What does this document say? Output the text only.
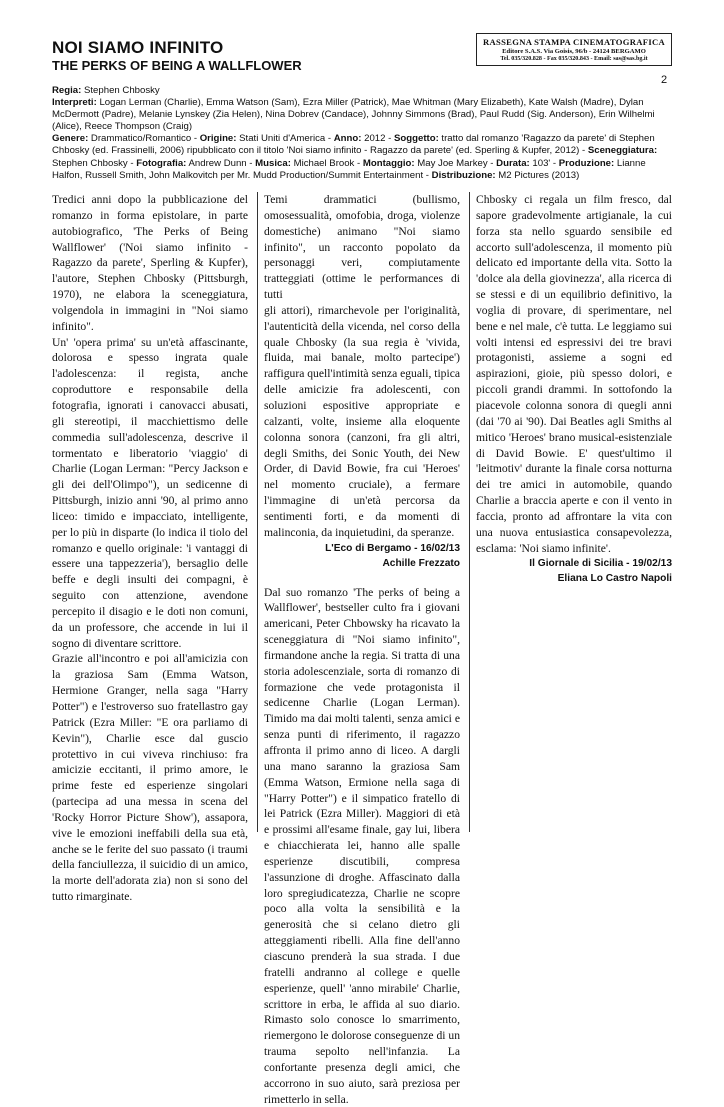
NOI SIAMO INFINITO
THE PERKS OF BEING A WALLFLOWER
RASSEGNA STAMPA CINEMATOGRAFICA
Editore S.A.S. Via Goisis, 96/b - 24124 BERGAMO
Tel. 035/320.828 - Fax 035/320.843 - Email: sas@sas.bg.it
2
Regia: Stephen Chbosky
Interpreti: Logan Lerman (Charlie), Emma Watson (Sam), Ezra Miller (Patrick), Mae Whitman (Mary Elizabeth), Kate Walsh (Madre), Dylan McDermott (Padre), Melanie Lynskey (Zia Helen), Nina Dobrev (Candace), Johnny Simmons (Brad), Paul Rudd (Sig. Anderson), Erin Wilhelmi (Alice), Reece Thompson (Craig)
Genere: Drammatico/Romantico - Origine: Stati Uniti d'America - Anno: 2012 - Soggetto: tratto dal romanzo 'Ragazzo da parete' di Stephen Chbosky (ed. Frassinelli, 2006) ripubblicato con il titolo 'Noi siamo infinito - Ragazzo da parete' (ed. Sperling & Kupfer, 2012) - Sceneggiatura: Stephen Chbosky - Fotografia: Andrew Dunn - Musica: Michael Brook - Montaggio: May Joe Markey - Durata: 103' - Produzione: Lianne Halfon, Russell Smith, John Malkovitch per Mr. Mudd Production/Summit Entertainment - Distribuzione: M2 Pictures (2013)

Tredici anni dopo la pubblicazione del romanzo in forma epistolare, in parte autobiografico, 'The Perks of Being Wallflower' ('Noi siamo infinito - Ragazzo da parete', Sperling & Kupfer), l'autore, Stephen Chbosky (Pittsburgh, 1970), ne elabora la sceneggiatura, volgendola in immagini in "Noi siamo infinito".

Un' 'opera prima' su un'età affascinante, dolorosa e spesso ingrata quale l'adolescenza: il regista, anche coproduttore e responsabile della fotografia, ignorati i canovacci abusati, gli stereotipi, il macchiettismo delle commedia sull'adolescenza, descrive il tormentato e liberatorio 'viaggio' di Charlie (Logan Lerman: "Percy Jackson e gli dei dell'Olimpo"), un sedicenne di Pittsburgh, inizio anni '90, al primo anno liceo: timido e impacciato, intelligente, per lo più in disparte (lo indica il tiolo del romanzo e quello originale: 'i vantaggi di essere una tappezzeria'), bersaglio delle beffe e degli insulti dei compagni, è seguito con attenzione, avendone percepito il disagio e le doti non comuni, da un professore, che accende in lui il sogno di diventare scrittore.

Grazie all'incontro e poi all'amicizia con la graziosa Sam (Emma Watson, Hermione Granger, nella saga "Harry Potter") e l'estroverso suo fratellastro gay Patrick (Ezra Miller: "E ora parliamo di Kevin"), Charlie esce dal guscio protettivo in cui viveva rinchiuso: fra amicizie eccitanti, il primo amore, le prime feste ed esperienze singolari (partecipa ad una messa in scena del 'Rocky Horror Picture Show'), assapora, vive le emozioni ineffabili della sua età, anche se le ferite del suo passato (i traumi della fanciullezza, il suicidio di un amico, la morte dell'adorata zia) non si sono del tutto rimarginate.

Temi drammatici (bullismo, omosessualità, omofobia, droga, violenze domestiche) animano "Noi siamo infinito", un racconto popolato da personaggi veri, compiutamente tratteggiati (ottime le performances di tutti

gli attori), rimarchevole per l'originalità, l'autenticità della vicenda, nel corso della quale Chbosky (la sua regia è 'vivida, fluida, mai banale, molto partecipe') raffigura quell'intimità senza eguali, tipica delle amicizie fra adolescenti, con soluzioni espositive appropriate e calzanti, volte, insieme alla eloquente colonna sonora (canzoni, fra gli altri, degli Smiths, dei Sonic Youth, dei New Order, di David Bowie, fra cui 'Heroes' nel momento cruciale), a fermare l'immagine di un'età percorsa da sentimenti forti, e da momenti di malinconia, da inquietudini, da speranze.

L'Eco di Bergamo - 16/02/13
Achille Frezzato

Dal suo romanzo 'The perks of being a Wallflower', bestseller culto fra i giovani americani, Peter Chbowsky ha ricavato la sceneggiatura di "Noi siamo infinito", firmandone anche la regia. Si tratta di una storia adolescenziale, sorta di romanzo di formazione che vede protagonista il sedicenne Charlie (Logan Lerman). Timido ma dai molti talenti, senza amici e senza punti di riferimento, il ragazzo affronta il primo anno di liceo. A dargli una mano saranno la graziosa Sam (Emma Watson, Ermione nella saga di "Harry Potter") e il simpatico fratello di lei Patrick (Ezra Miller). Maggiori di età e prossimi all'esame finale, gay lui, libera e chiacchierata lei, hanno alle spalle esperienze discutibili, compresa l'assunzione di droghe. Affascinato dalla loro spregiudicatezza, Charlie ne scopre poco alla volta la sensibilità e la generosità che si celano dietro gli atteggiamenti ribelli. Alla fine dell'anno ciascuno prenderà la sua strada. I due fratelli andranno al college e quelle esperienze, quell' 'anno mirabile' Charlie, scrittore in erba, le affida al suo diario. Rimasto solo conosce lo smarrimento, riemergono le dolorose conseguenze di un trauma sepolto nell'infanzia. La confortante presenza degli amici, che accorrono in suo aiuto, sarà preziosa per rimetterlo in sella.

Chbosky ci regala un film fresco, dal sapore gradevolmente artigianale, la cui forza sta nello sguardo sensibile ed accorto sull'adolescenza, il momento più delicato ed importante della vita. Sotto la 'dolce ala della giovinezza', alla ricerca di se stessi e di un equilibrio definitivo, la voglia di provare, di sperimentare, nel bene e nel male, c'è tutta. Le leggiamo sui volti intensi ed espressivi dei tre bravi protagonisti, assieme a sogni ed aspirazioni, gioie, più spesso dolori, e piccoli grandi drammi. In sottofondo la piacevole colonna sonora di quegli anni (dai '70 ai '90). Dai Beatles agli Smiths al mitico 'Heroes' brano musical-esistenziale di David Bowie. E' quest'ultimo il 'leitmotiv' durante la finale corsa notturna dei tre amici in automobile, quando Charlie a braccia aperte e con il vento in faccia, pronto ad affrontare la vita con una nuova entusiastica consapevolezza, esclama: 'Noi siamo infinite'.

Il Giornale di Sicilia - 19/02/13
Eliana Lo Castro Napoli
